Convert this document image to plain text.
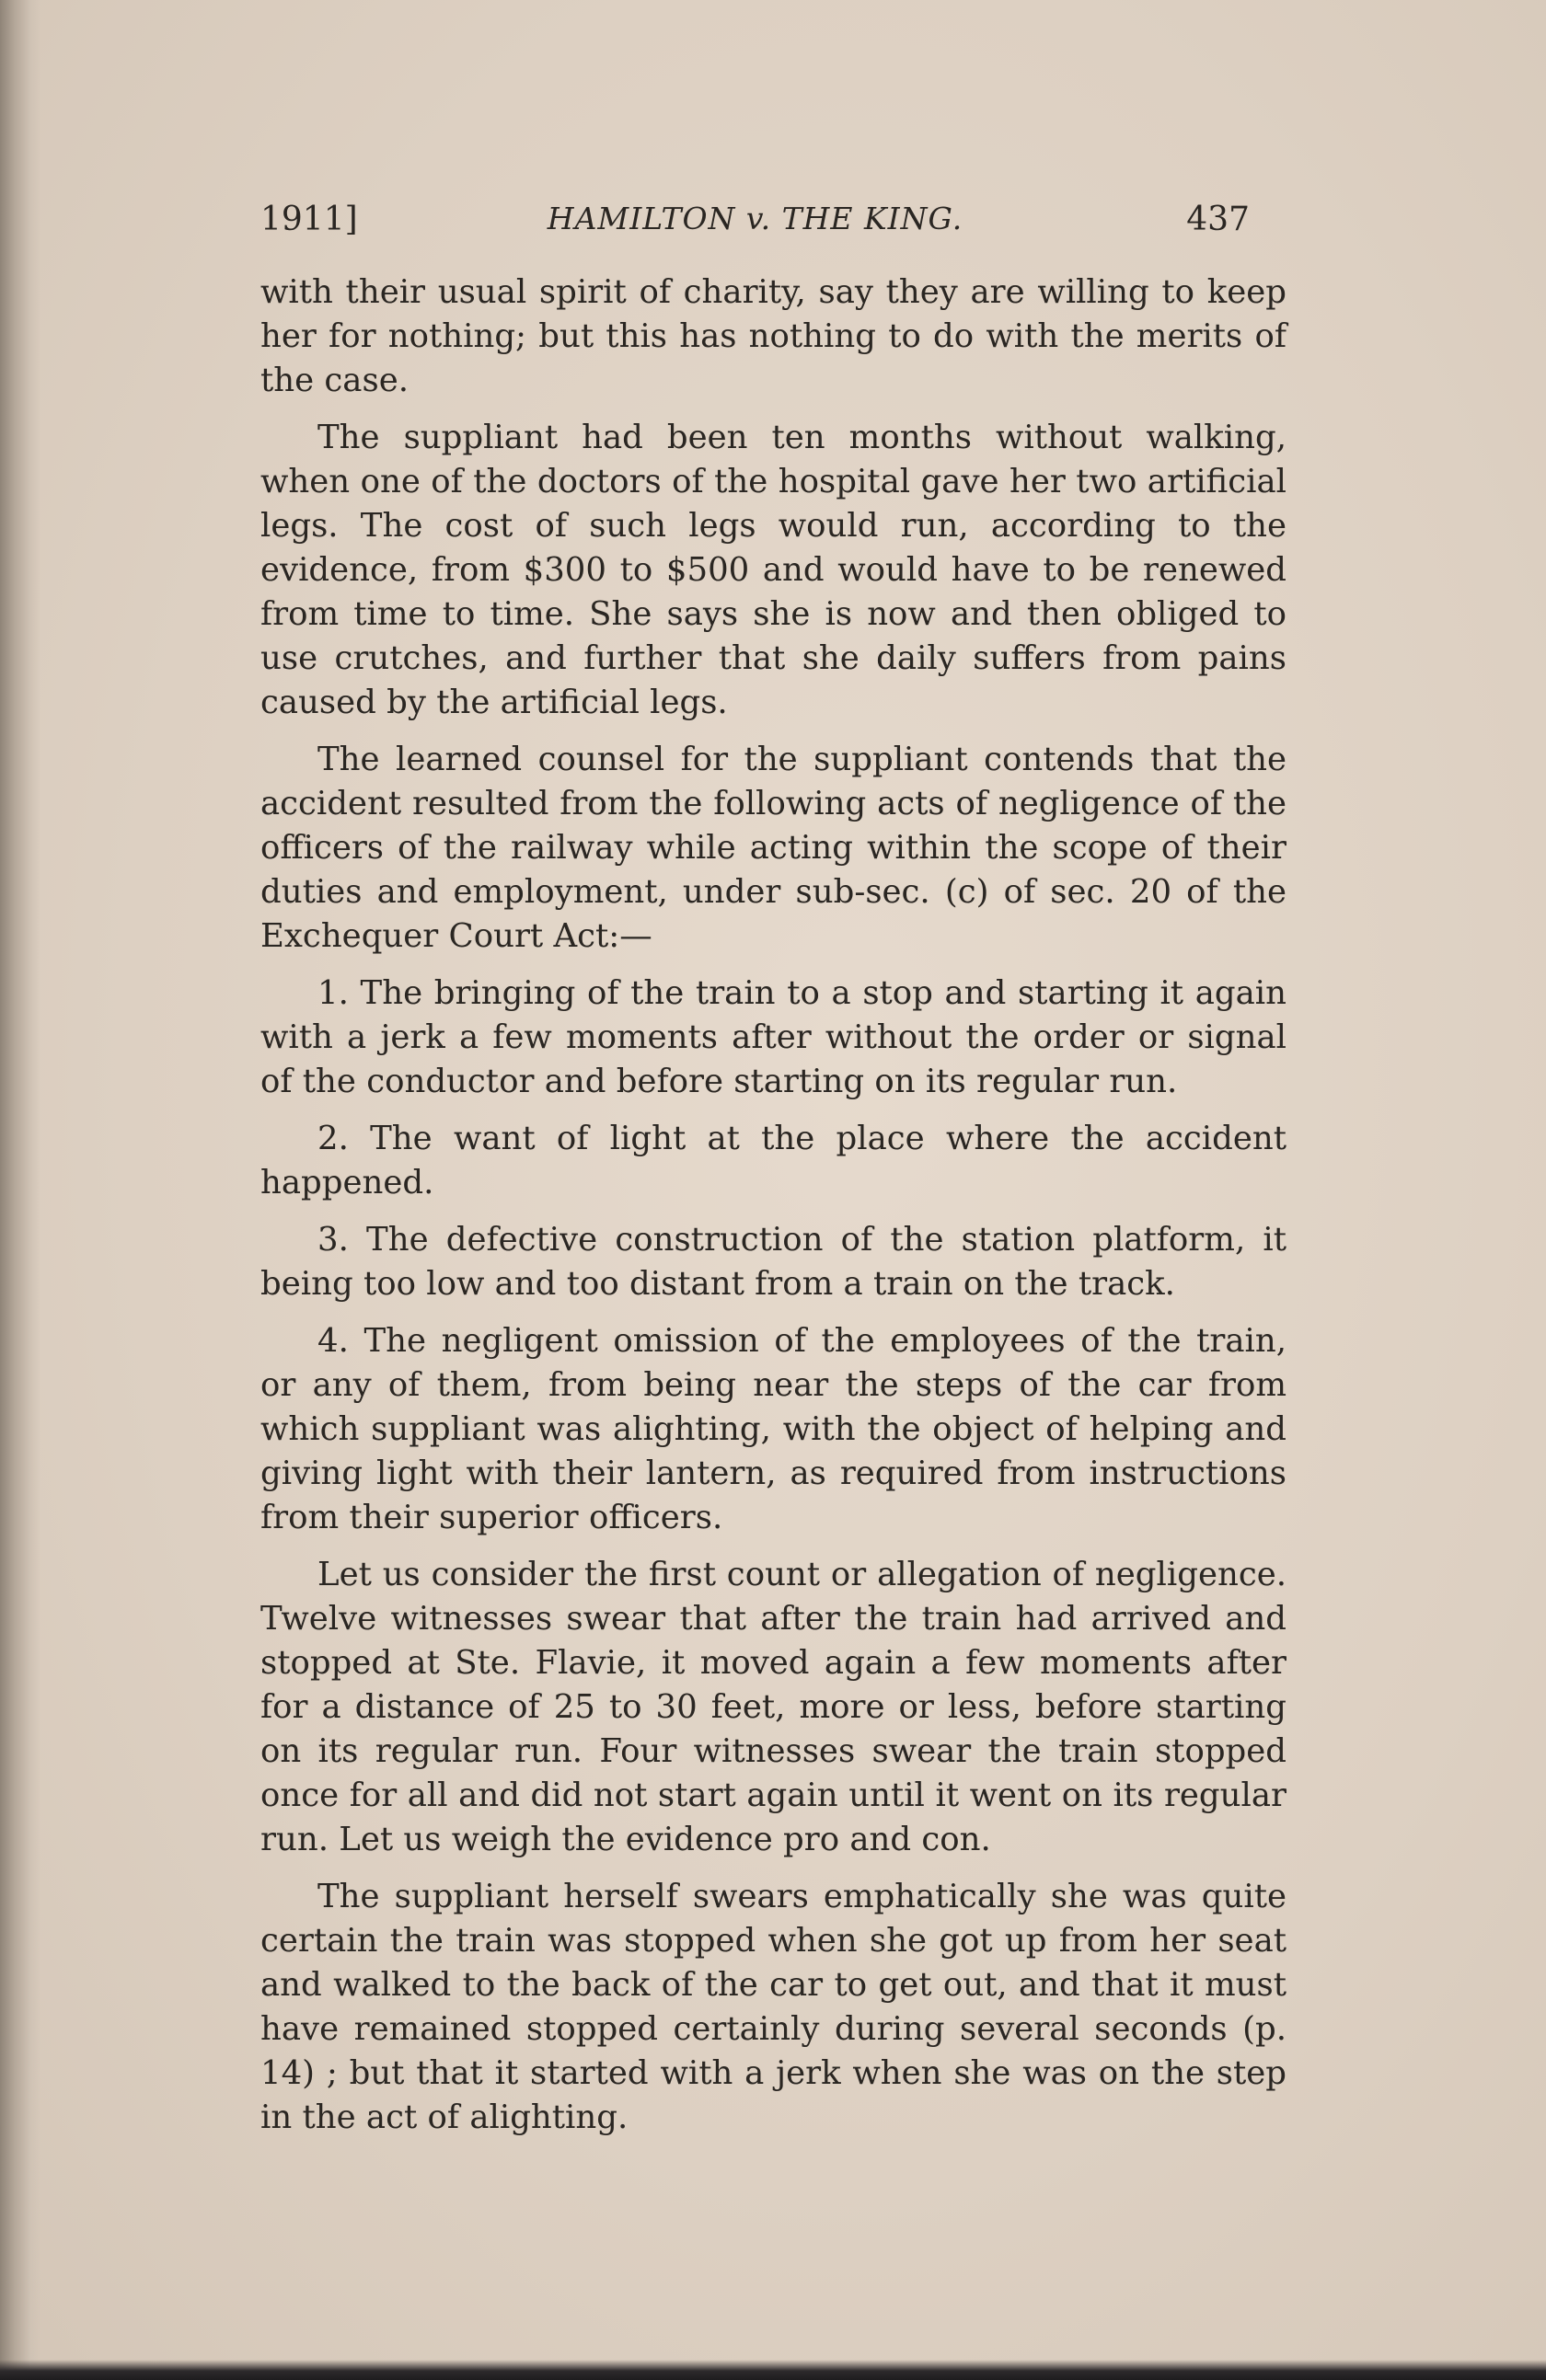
1911]	HAMILTON v. THE KING.	437

with their usual spirit of charity, say they are willing to keep her for nothing; but this has nothing to do with the merits of the case.

The suppliant had been ten months without walking, when one of the doctors of the hospital gave her two artificial legs. The cost of such legs would run, according to the evidence, from $300 to $500 and would have to be renewed from time to time. She says she is now and then obliged to use crutches, and further that she daily suffers from pains caused by the artificial legs.

The learned counsel for the suppliant contends that the accident resulted from the following acts of negligence of the officers of the railway while acting within the scope of their duties and employment, under sub-sec. (c) of sec. 20 of the Exchequer Court Act:—

1. The bringing of the train to a stop and starting it again with a jerk a few moments after without the order or signal of the conductor and before starting on its regular run.

2. The want of light at the place where the accident happened.

3. The defective construction of the station platform, it being too low and too distant from a train on the track.

4. The negligent omission of the employees of the train, or any of them, from being near the steps of the car from which suppliant was alighting, with the object of helping and giving light with their lantern, as required from instructions from their superior officers.

Let us consider the first count or allegation of negligence. Twelve witnesses swear that after the train had arrived and stopped at Ste. Flavie, it moved again a few moments after for a distance of 25 to 30 feet, more or less, before starting on its regular run. Four witnesses swear the train stopped once for all and did not start again until it went on its regular run. Let us weigh the evidence pro and con.

The suppliant herself swears emphatically she was quite certain the train was stopped when she got up from her seat and walked to the back of the car to get out, and that it must have remained stopped certainly during several seconds (p. 14) ; but that it started with a jerk when she was on the step in the act of alighting.
